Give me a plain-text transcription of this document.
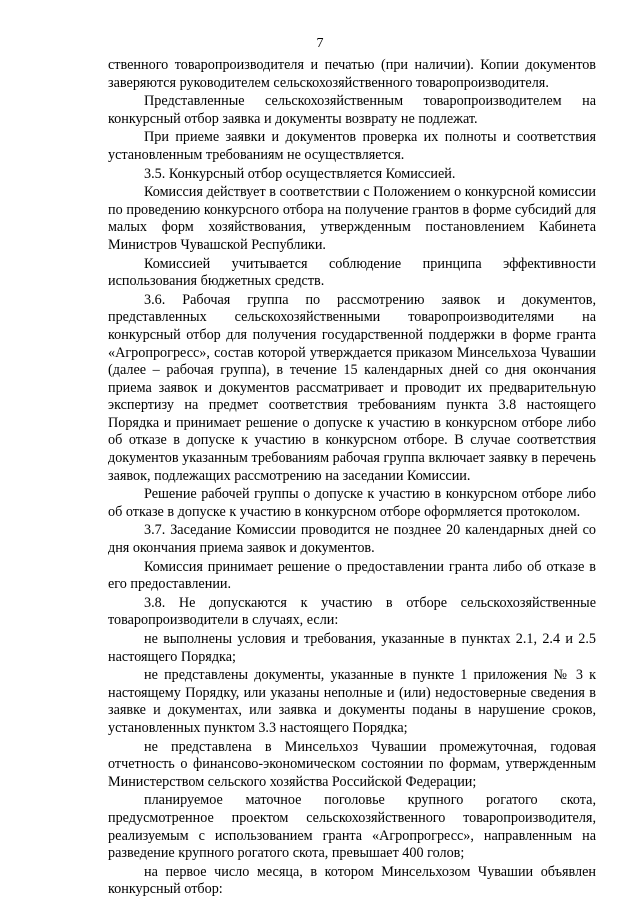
7

ственного товаропроизводителя и печатью (при наличии). Копии документов заверяются руководителем сельскохозяйственного товаропроизводителя.

Представленные сельскохозяйственным товаропроизводителем на конкурсный отбор заявка и документы возврату не подлежат.

При приеме заявки и документов проверка их полноты и соответствия установленным требованиям не осуществляется.

3.5. Конкурсный отбор осуществляется Комиссией.

Комиссия действует в соответствии с Положением о конкурсной комиссии по проведению конкурсного отбора на получение грантов в форме субсидий для малых форм хозяйствования, утвержденным постановлением Кабинета Министров Чувашской Республики.

Комиссией учитывается соблюдение принципа эффективности использования бюджетных средств.

3.6. Рабочая группа по рассмотрению заявок и документов, представленных сельскохозяйственными товаропроизводителями на конкурсный отбор для получения государственной поддержки в форме гранта «Агропрогресс», состав которой утверждается приказом Минсельхоза Чувашии (далее – рабочая группа), в течение 15 календарных дней со дня окончания приема заявок и документов рассматривает и проводит их предварительную экспертизу на предмет соответствия требованиям пункта 3.8 настоящего Порядка и принимает решение о допуске к участию в конкурсном отборе либо об отказе в допуске к участию в конкурсном отборе. В случае соответствия документов указанным требованиям рабочая группа включает заявку в перечень заявок, подлежащих рассмотрению на заседании Комиссии.

Решение рабочей группы о допуске к участию в конкурсном отборе либо об отказе в допуске к участию в конкурсном отборе оформляется протоколом.

3.7. Заседание Комиссии проводится не позднее 20 календарных дней со дня окончания приема заявок и документов.

Комиссия принимает решение о предоставлении гранта либо об отказе в его предоставлении.

3.8. Не допускаются к участию в отборе сельскохозяйственные товаропроизводители в случаях, если:

не выполнены условия и требования, указанные в пунктах 2.1, 2.4 и 2.5 настоящего Порядка;

не представлены документы, указанные в пункте 1 приложения № 3 к настоящему Порядку, или указаны неполные и (или) недостоверные сведения в заявке и документах, или заявка и документы поданы в нарушение сроков, установленных пунктом 3.3 настоящего Порядка;

не представлена в Минсельхоз Чувашии промежуточная, годовая отчетность о финансово-экономическом состоянии по формам, утвержденным Министерством сельского хозяйства Российской Федерации;

планируемое маточное поголовье крупного рогатого скота, предусмотренное проектом сельскохозяйственного товаропроизводителя, реализуемым с использованием гранта «Агропрогресс», направленным на разведение крупного рогатого скота, превышает 400 голов;

на первое число месяца, в котором Минсельхозом Чувашии объявлен конкурсный отбор:
